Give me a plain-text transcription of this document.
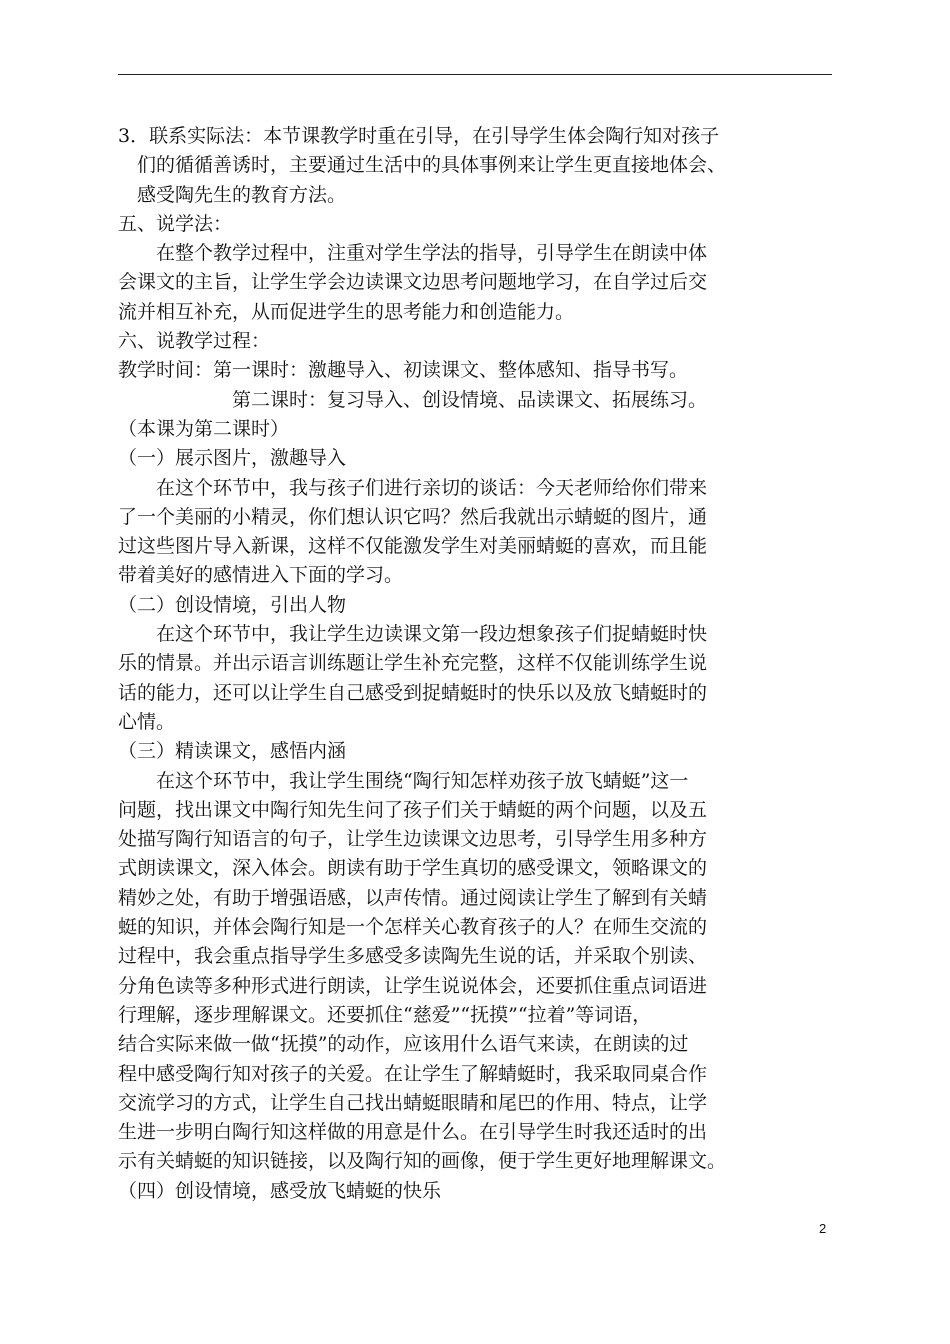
3．联系实际法：本节课教学时重在引导，在引导学生体会陶行知对孩子
们的循循善诱时，主要通过生活中的具体事例来让学生更直接地体会、
感受陶先生的教育方法。
五、说学法：
在整个教学过程中，注重对学生学法的指导，引导学生在朗读中体
会课文的主旨，让学生学会边读课文边思考问题地学习，在自学过后交
流并相互补充，从而促进学生的思考能力和创造能力。
六、说教学过程：
教学时间：第一课时：激趣导入、初读课文、整体感知、指导书写。
第二课时：复习导入、创设情境、品读课文、拓展练习。
（本课为第二课时）
（一）展示图片，激趣导入
在这个环节中，我与孩子们进行亲切的谈话：今天老师给你们带来
了一个美丽的小精灵，你们想认识它吗？然后我就出示蜻蜓的图片，通
过这些图片导入新课，这样不仅能激发学生对美丽蜻蜓的喜欢，而且能
带着美好的感情进入下面的学习。
（二）创设情境，引出人物
在这个环节中，我让学生边读课文第一段边想象孩子们捉蜻蜓时快
乐的情景。并出示语言训练题让学生补充完整，这样不仅能训练学生说
话的能力，还可以让学生自己感受到捉蜻蜓时的快乐以及放飞蜻蜓时的
心情。
（三）精读课文，感悟内涵
在这个环节中，我让学生围绕“陶行知怎样劝孩子放飞蜻蜓”这一
问题，找出课文中陶行知先生问了孩子们关于蜻蜓的两个问题，以及五
处描写陶行知语言的句子，让学生边读课文边思考，引导学生用多种方
式朗读课文，深入体会。朗读有助于学生真切的感受课文，领略课文的
精妙之处，有助于增强语感，以声传情。通过阅读让学生了解到有关蜻
蜓的知识，并体会陶行知是一个怎样关心教育孩子的人？在师生交流的
过程中，我会重点指导学生多感受多读陶先生说的话，并采取个别读、
分角色读等多种形式进行朗读，让学生说说体会，还要抓住重点词语进
行理解，逐步理解课文。还要抓住“慈爱”“抚摸”“拉着”等词语，
结合实际来做一做“抚摸”的动作，应该用什么语气来读，在朗读的过
程中感受陶行知对孩子的关爱。在让学生了解蜻蜓时，我采取同桌合作
交流学习的方式，让学生自己找出蜻蜓眼睛和尾巴的作用、特点，让学
生进一步明白陶行知这样做的用意是什么。在引导学生时我还适时的出
示有关蜻蜓的知识链接，以及陶行知的画像，便于学生更好地理解课文。
（四）创设情境，感受放飞蜻蜓的快乐
2
